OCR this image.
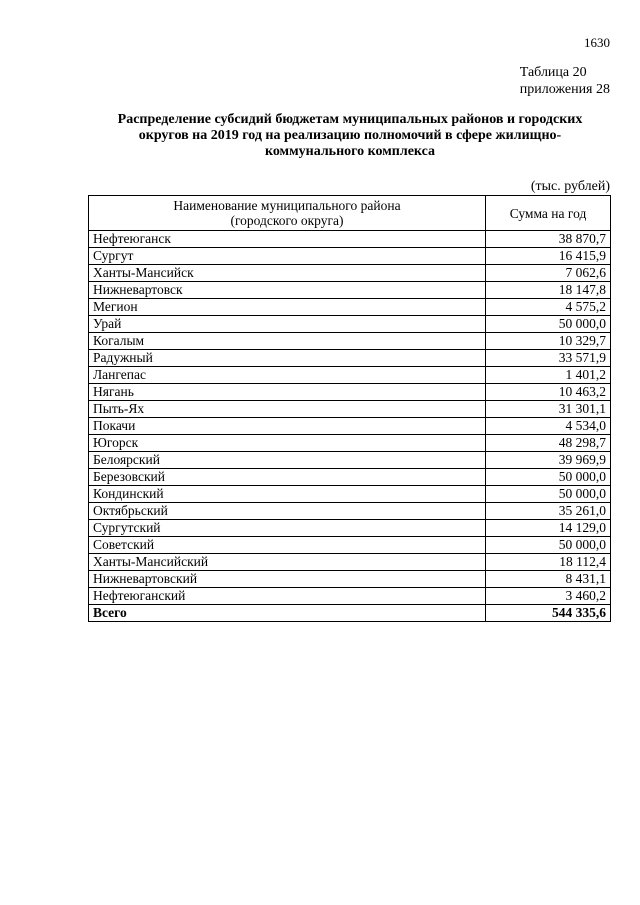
1630
Таблица 20
приложения 28
Распределение субсидий бюджетам муниципальных районов и городских
округов на 2019 год на реализацию полномочий в сфере жилищно-
коммунального комплекса
(тыс. рублей)
Наименование муниципального района
(городского округа)	Сумма на год
Нефтеюганск	38 870,7
Сургут	16 415,9
Ханты-Мансийск	7 062,6
Нижневартовск	18 147,8
Мегион	4 575,2
Урай	50 000,0
Когалым	10 329,7
Радужный	33 571,9
Лангепас	1 401,2
Нягань	10 463,2
Пыть-Ях	31 301,1
Покачи	4 534,0
Югорск	48 298,7
Белоярский	39 969,9
Березовский	50 000,0
Кондинский	50 000,0
Октябрьский	35 261,0
Сургутский	14 129,0
Советский	50 000,0
Ханты-Мансийский	18 112,4
Нижневартовский	8 431,1
Нефтеюганский	3 460,2
Всего	544 335,6
